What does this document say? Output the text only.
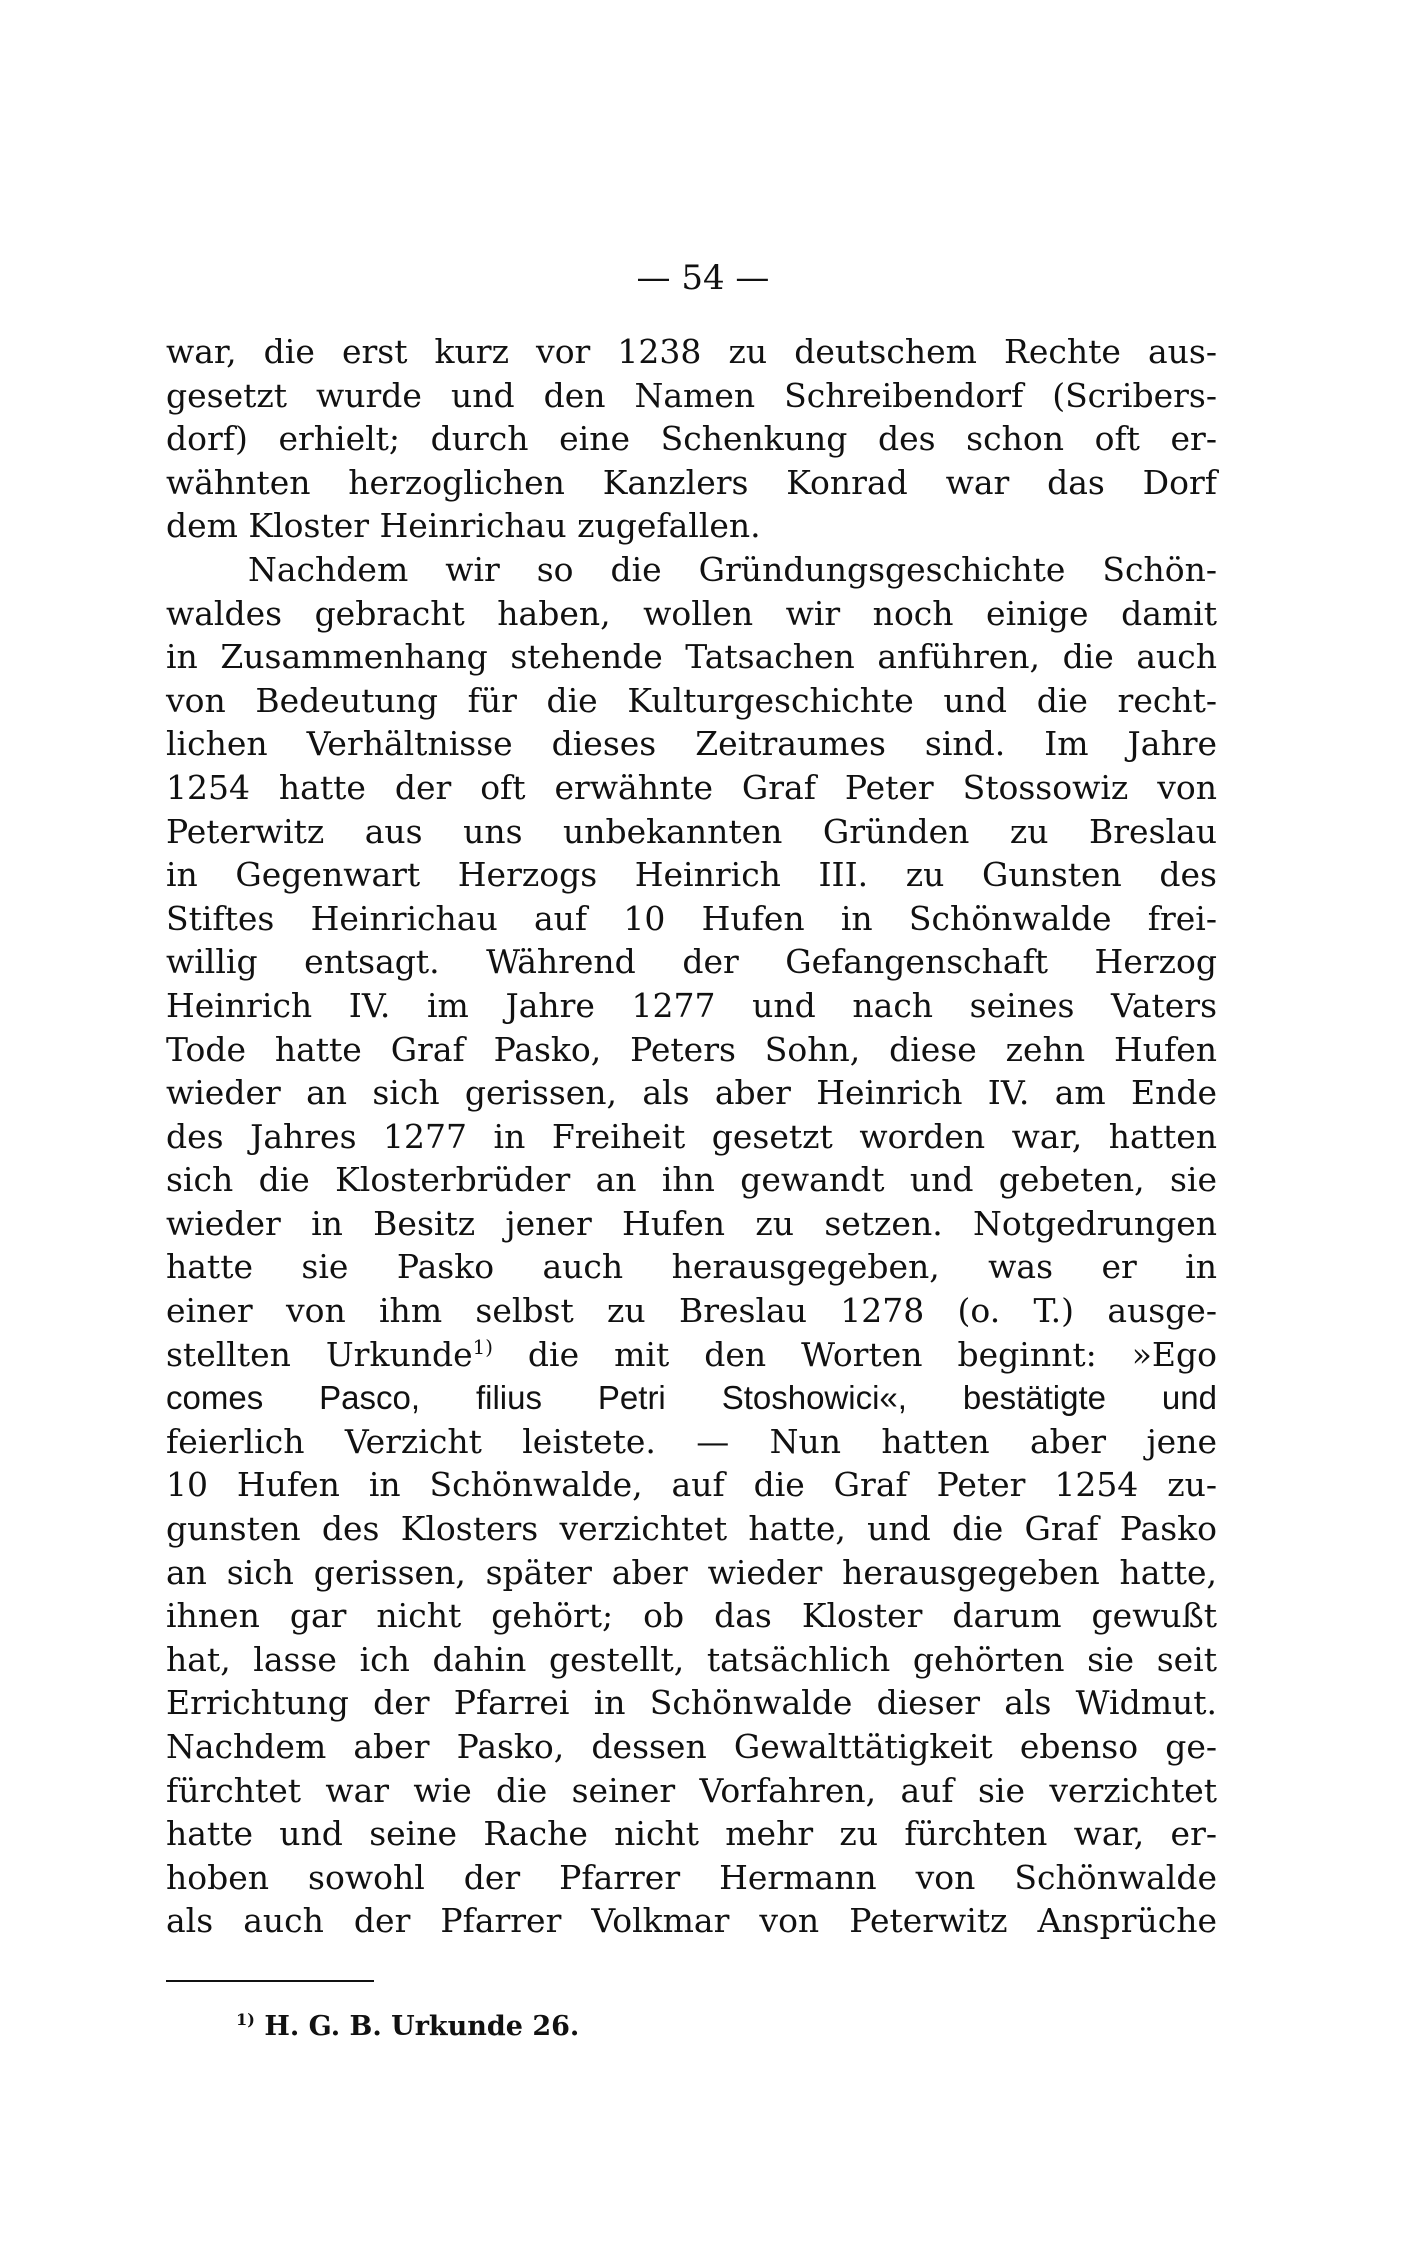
— 54 —
war, die erst kurz vor 1238 zu deutschem Rechte aus-
gesetzt wurde und den Namen Schreibendorf (Scribers-
dorf) erhielt; durch eine Schenkung des schon oft er-
wähnten herzoglichen Kanzlers Konrad war das Dorf
dem Kloster Heinrichau zugefallen.
Nachdem wir so die Gründungsgeschichte Schön-
waldes gebracht haben, wollen wir noch einige damit
in Zusammenhang stehende Tatsachen anführen, die auch
von Bedeutung für die Kulturgeschichte und die recht-
lichen Verhältnisse dieses Zeitraumes sind. Im Jahre
1254 hatte der oft erwähnte Graf Peter Stossowiz von
Peterwitz aus uns unbekannten Gründen zu Breslau
in Gegenwart Herzogs Heinrich III. zu Gunsten des
Stiftes Heinrichau auf 10 Hufen in Schönwalde frei-
willig entsagt. Während der Gefangenschaft Herzog
Heinrich IV. im Jahre 1277 und nach seines Vaters
Tode hatte Graf Pasko, Peters Sohn, diese zehn Hufen
wieder an sich gerissen, als aber Heinrich IV. am Ende
des Jahres 1277 in Freiheit gesetzt worden war, hatten
sich die Klosterbrüder an ihn gewandt und gebeten, sie
wieder in Besitz jener Hufen zu setzen. Notgedrungen
hatte sie Pasko auch herausgegeben, was er in
einer von ihm selbst zu Breslau 1278 (o. T.) ausge-
stellten Urkunde$^{1)}$ die mit den Worten beginnt: »Ego
comes Pasco, filius Petri Stoshowici«, bestätigte und
feierlich Verzicht leistete. — Nun hatten aber jene
10 Hufen in Schönwalde, auf die Graf Peter 1254 zu-
gunsten des Klosters verzichtet hatte, und die Graf Pasko
an sich gerissen, später aber wieder herausgegeben hatte,
ihnen gar nicht gehört; ob das Kloster darum gewußt
hat, lasse ich dahin gestellt, tatsächlich gehörten sie seit
Errichtung der Pfarrei in Schönwalde dieser als Widmut.
Nachdem aber Pasko, dessen Gewalttätigkeit ebenso ge-
fürchtet war wie die seiner Vorfahren, auf sie verzichtet
hatte und seine Rache nicht mehr zu fürchten war, er-
hoben sowohl der Pfarrer Hermann von Schönwalde
als auch der Pfarrer Volkmar von Peterwitz Ansprüche
$^{1)}$ H. G. B. Urkunde 26.
